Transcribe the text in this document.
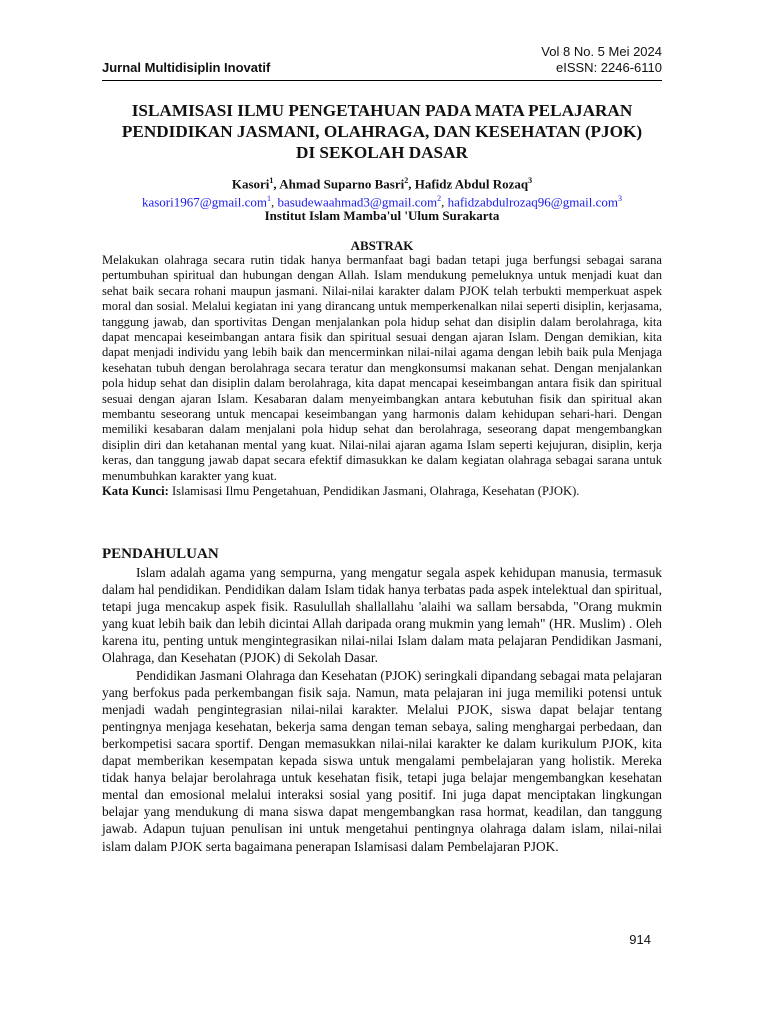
Vol 8 No. 5 Mei 2024
Jurnal Multidisiplin Inovatif	eISSN: 2246-6110
ISLAMISASI ILMU PENGETAHUAN PADA MATA PELAJARAN
PENDIDIKAN JASMANI, OLAHRAGA, DAN KESEHATAN (PJOK)
DI SEKOLAH DASAR
Kasori$^1$, Ahmad Suparno Basri$^2$, Hafidz Abdul Rozaq$^3$
kasori1967@gmail.com$^1$, basudewaahmad3@gmail.com$^2$, hafidzabdulrozaq96@gmail.com$^3$
Institut Islam Mamba'ul 'Ulum Surakarta
ABSTRAK
Melakukan olahraga secara rutin tidak hanya bermanfaat bagi badan tetapi juga berfungsi sebagai sarana pertumbuhan spiritual dan hubungan dengan Allah. Islam mendukung pemeluknya untuk menjadi kuat dan sehat baik secara rohani maupun jasmani. Nilai-nilai karakter dalam PJOK telah terbukti memperkuat aspek moral dan sosial. Melalui kegiatan ini yang dirancang untuk memperkenalkan nilai seperti disiplin, kerjasama, tanggung jawab, dan sportivitas Dengan menjalankan pola hidup sehat dan disiplin dalam berolahraga, kita dapat mencapai keseimbangan antara fisik dan spiritual sesuai dengan ajaran Islam. Dengan demikian, kita dapat menjadi individu yang lebih baik dan mencerminkan nilai-nilai agama dengan lebih baik pula Menjaga kesehatan tubuh dengan berolahraga secara teratur dan mengkonsumsi makanan sehat. Dengan menjalankan pola hidup sehat dan disiplin dalam berolahraga, kita dapat mencapai keseimbangan antara fisik dan spiritual sesuai dengan ajaran Islam. Kesabaran dalam menyeimbangkan antara kebutuhan fisik dan spiritual akan membantu seseorang untuk mencapai keseimbangan yang harmonis dalam kehidupan sehari-hari. Dengan memiliki kesabaran dalam menjalani pola hidup sehat dan berolahraga, seseorang dapat mengembangkan disiplin diri dan ketahanan mental yang kuat. Nilai-nilai ajaran agama Islam seperti kejujuran, disiplin, kerja keras, dan tanggung jawab dapat secara efektif dimasukkan ke dalam kegiatan olahraga sebagai sarana untuk menumbuhkan karakter yang kuat.
Kata Kunci: Islamisasi Ilmu Pengetahuan, Pendidikan Jasmani, Olahraga, Kesehatan (PJOK).
PENDAHULUAN

Islam adalah agama yang sempurna, yang mengatur segala aspek kehidupan manusia, termasuk dalam hal pendidikan. Pendidikan dalam Islam tidak hanya terbatas pada aspek intelektual dan spiritual, tetapi juga mencakup aspek fisik. Rasulullah shallallahu 'alaihi wa sallam bersabda, "Orang mukmin yang kuat lebih baik dan lebih dicintai Allah daripada orang mukmin yang lemah" (HR. Muslim) . Oleh karena itu, penting untuk mengintegrasikan nilai-nilai Islam dalam mata pelajaran Pendidikan Jasmani, Olahraga, dan Kesehatan (PJOK) di Sekolah Dasar.

Pendidikan Jasmani Olahraga dan Kesehatan (PJOK) seringkali dipandang sebagai mata pelajaran yang berfokus pada perkembangan fisik saja. Namun, mata pelajaran ini juga memiliki potensi untuk menjadi wadah pengintegrasian nilai-nilai karakter. Melalui PJOK, siswa dapat belajar tentang pentingnya menjaga kesehatan, bekerja sama dengan teman sebaya, saling menghargai perbedaan, dan berkompetisi sacara sportif. Dengan memasukkan nilai-nilai karakter ke dalam kurikulum PJOK, kita dapat memberikan kesempatan kepada siswa untuk mengalami pembelajaran yang holistik. Mereka tidak hanya belajar berolahraga untuk kesehatan fisik, tetapi juga belajar mengembangkan kesehatan mental dan emosional melalui interaksi sosial yang positif. Ini juga dapat menciptakan lingkungan belajar yang mendukung di mana siswa dapat mengembangkan rasa hormat, keadilan, dan tanggung jawab. Adapun tujuan penulisan ini untuk mengetahui pentingnya olahraga dalam islam, nilai-nilai islam dalam PJOK serta bagaimana penerapan Islamisasi dalam Pembelajaran PJOK.

914
